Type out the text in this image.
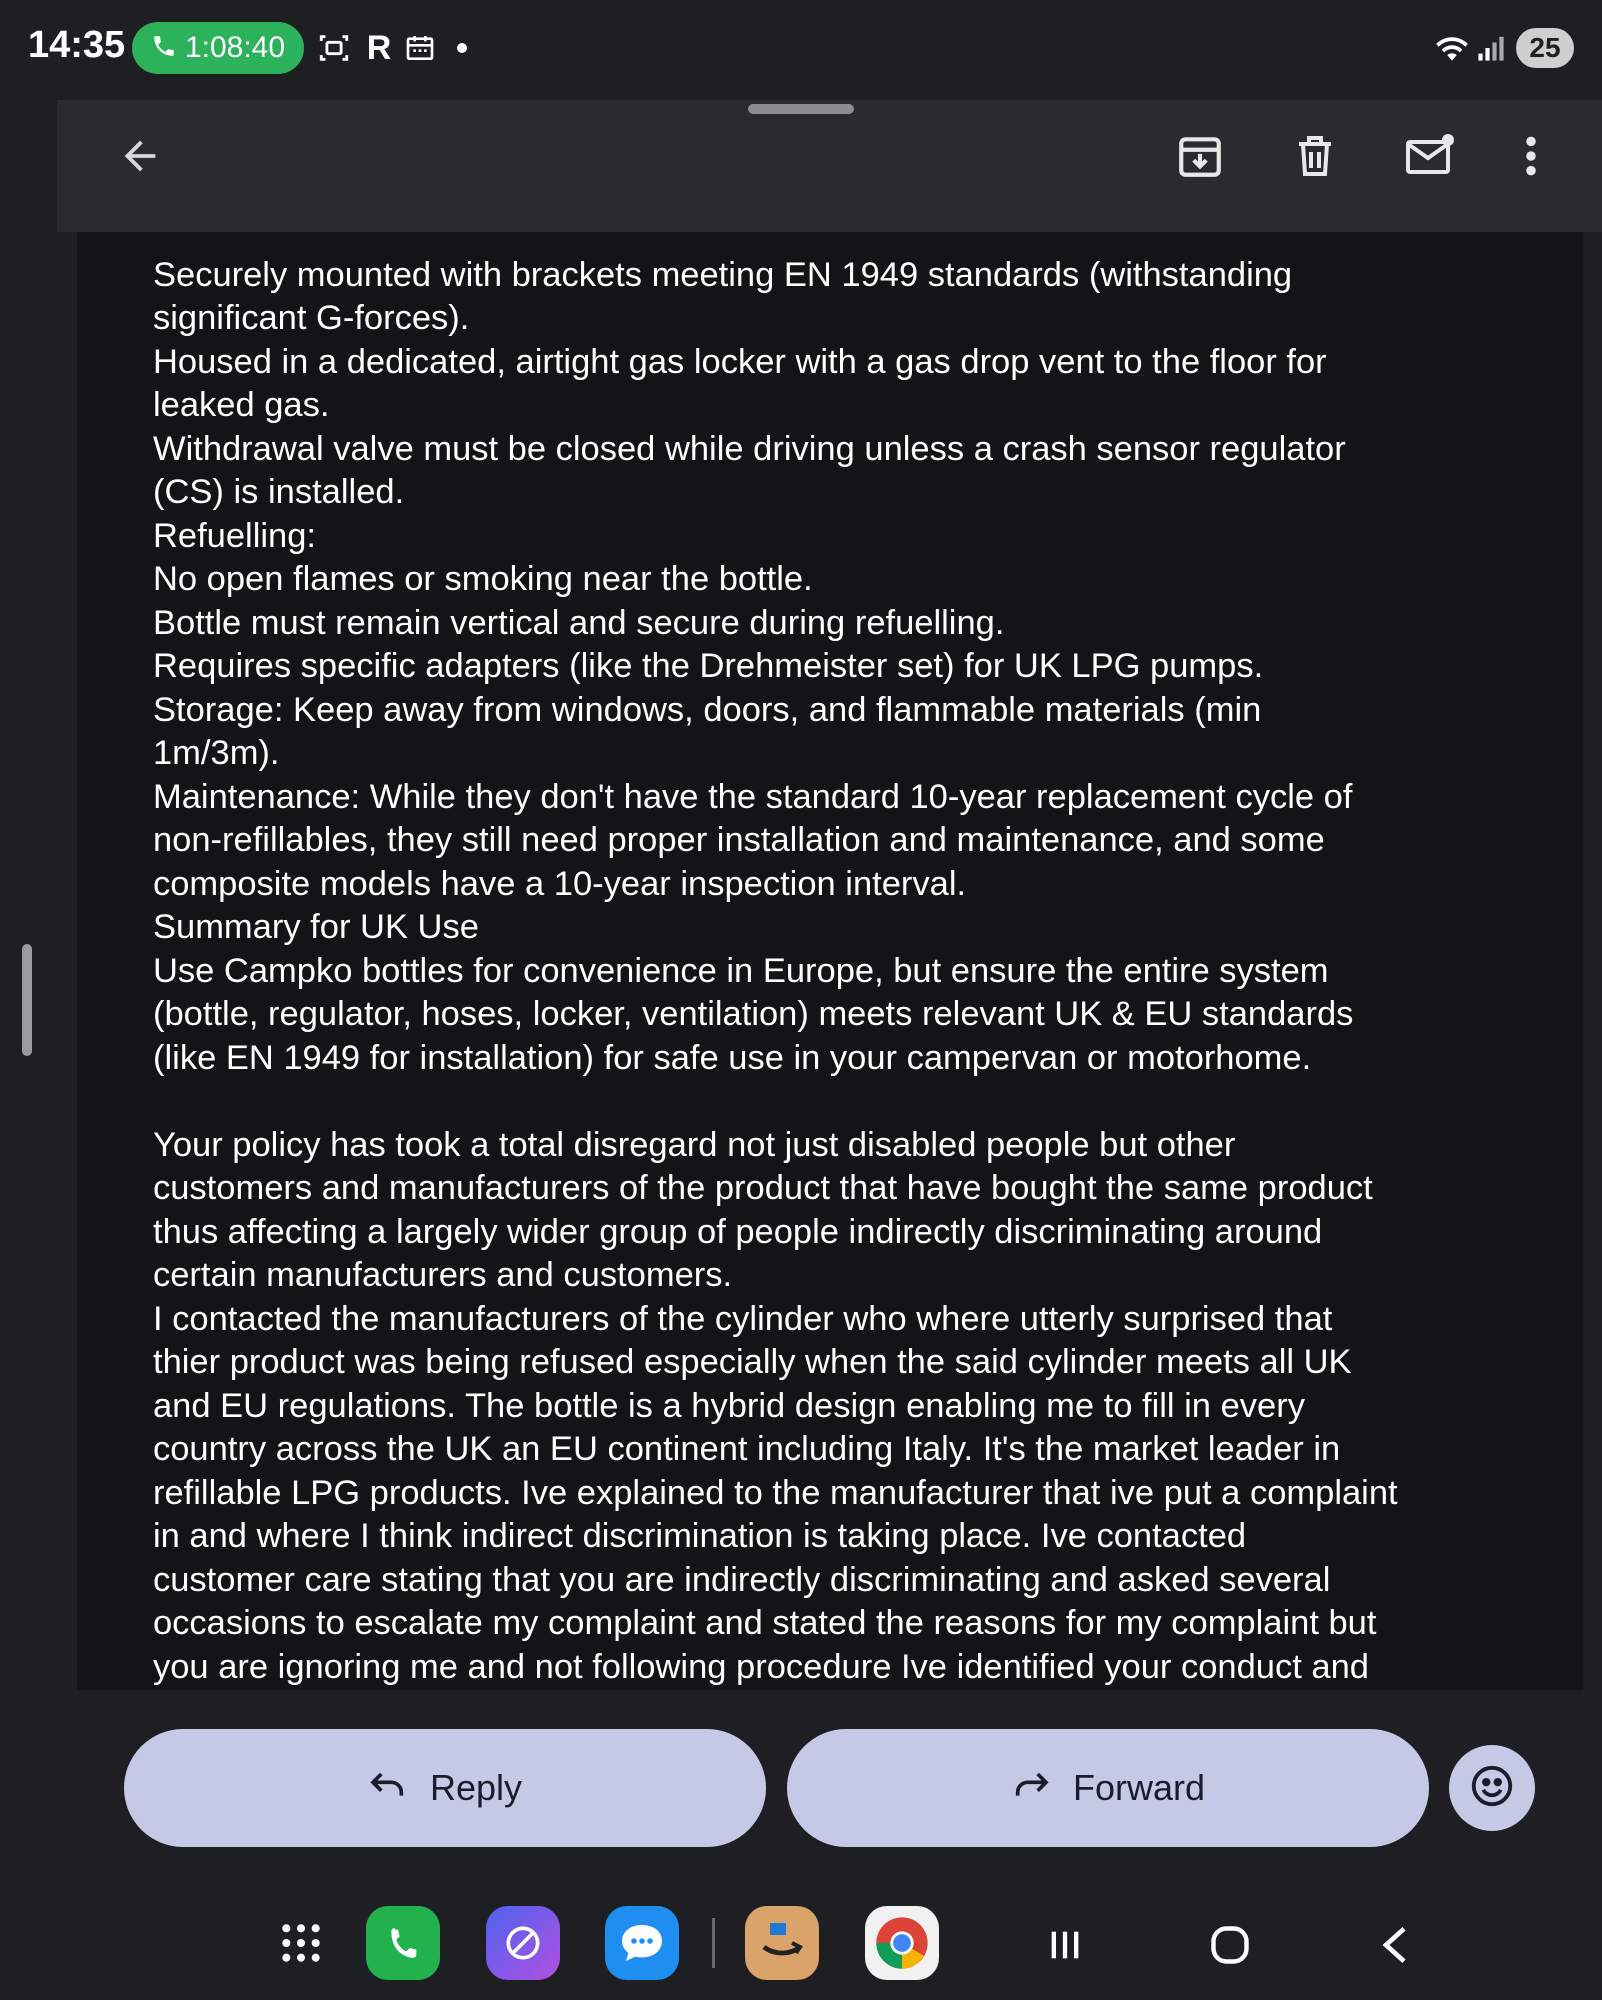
14:35 1:08:40 R	25
Securely mounted with brackets meeting EN 1949 standards (withstanding
significant G-forces).
Housed in a dedicated, airtight gas locker with a gas drop vent to the floor for
leaked gas.
Withdrawal valve must be closed while driving unless a crash sensor regulator
(CS) is installed.
Refuelling:
No open flames or smoking near the bottle.
Bottle must remain vertical and secure during refuelling.
Requires specific adapters (like the Drehmeister set) for UK LPG pumps.
Storage: Keep away from windows, doors, and flammable materials (min
1m/3m).
Maintenance: While they don't have the standard 10-year replacement cycle of
non-refillables, they still need proper installation and maintenance, and some
composite models have a 10-year inspection interval.
Summary for UK Use
Use Campko bottles for convenience in Europe, but ensure the entire system
(bottle, regulator, hoses, locker, ventilation) meets relevant UK & EU standards
(like EN 1949 for installation) for safe use in your campervan or motorhome.
Your policy has took a total disregard not just disabled people but other
customers and manufacturers of the product that have bought the same product
thus affecting a largely wider group of people indirectly discriminating around
certain manufacturers and customers.
I contacted the manufacturers of the cylinder who where utterly surprised that
thier product was being refused especially when the said cylinder meets all UK
and EU regulations. The bottle is a hybrid design enabling me to fill in every
country across the UK an EU continent including Italy. It's the market leader in
refillable LPG products. Ive explained to the manufacturer that ive put a complaint
in and where I think indirect discrimination is taking place. Ive contacted
customer care stating that you are indirectly discriminating and asked several
occasions to escalate my complaint and stated the reasons for my complaint but
you are ignoring me and not following procedure Ive identified your conduct and
Reply	Forward
